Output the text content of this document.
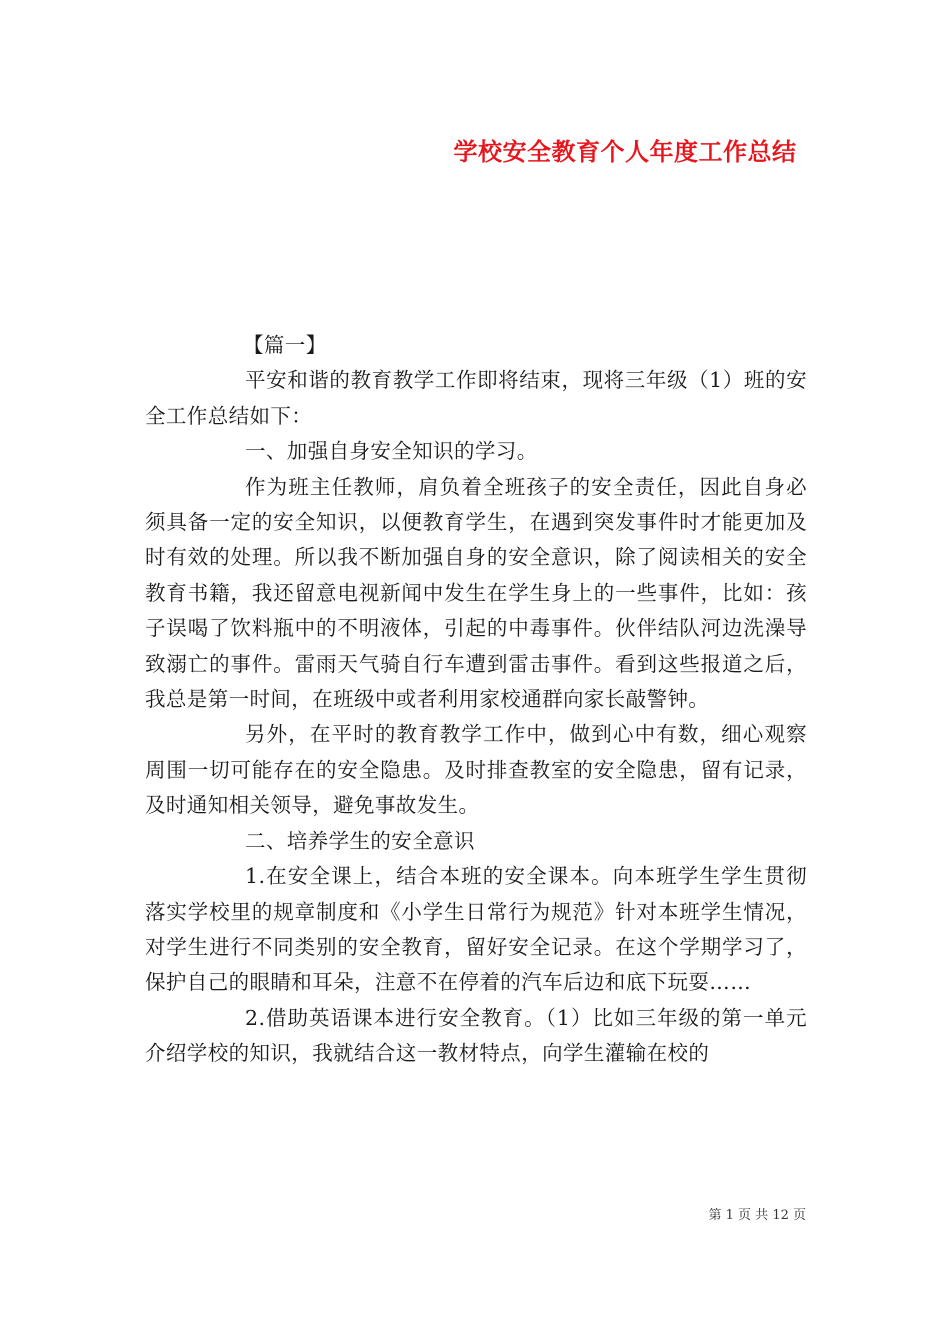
学校安全教育个人年度工作总结

【篇一】

平安和谐的教育教学工作即将结束，现将三年级（1）班的安全工作总结如下：

一、加强自身安全知识的学习。

作为班主任教师，肩负着全班孩子的安全责任，因此自身必须具备一定的安全知识，以便教育学生，在遇到突发事件时才能更加及时有效的处理。所以我不断加强自身的安全意识，除了阅读相关的安全教育书籍，我还留意电视新闻中发生在学生身上的一些事件，比如：孩子误喝了饮料瓶中的不明液体，引起的中毒事件。伙伴结队河边洗澡导致溺亡的事件。雷雨天气骑自行车遭到雷击事件。看到这些报道之后，我总是第一时间，在班级中或者利用家校通群向家长敲警钟。

另外，在平时的教育教学工作中，做到心中有数，细心观察周围一切可能存在的安全隐患。及时排查教室的安全隐患，留有记录，及时通知相关领导，避免事故发生。

二、培养学生的安全意识

1.在安全课上，结合本班的安全课本。向本班学生学生贯彻落实学校里的规章制度和《小学生日常行为规范》针对本班学生情况，对学生进行不同类别的安全教育，留好安全记录。在这个学期学习了，保护自己的眼睛和耳朵，注意不在停着的汽车后边和底下玩耍……

2.借助英语课本进行安全教育。（1）比如三年级的第一单元介绍学校的知识，我就结合这一教材特点，向学生灌输在校的

第 1 页 共 12 页
